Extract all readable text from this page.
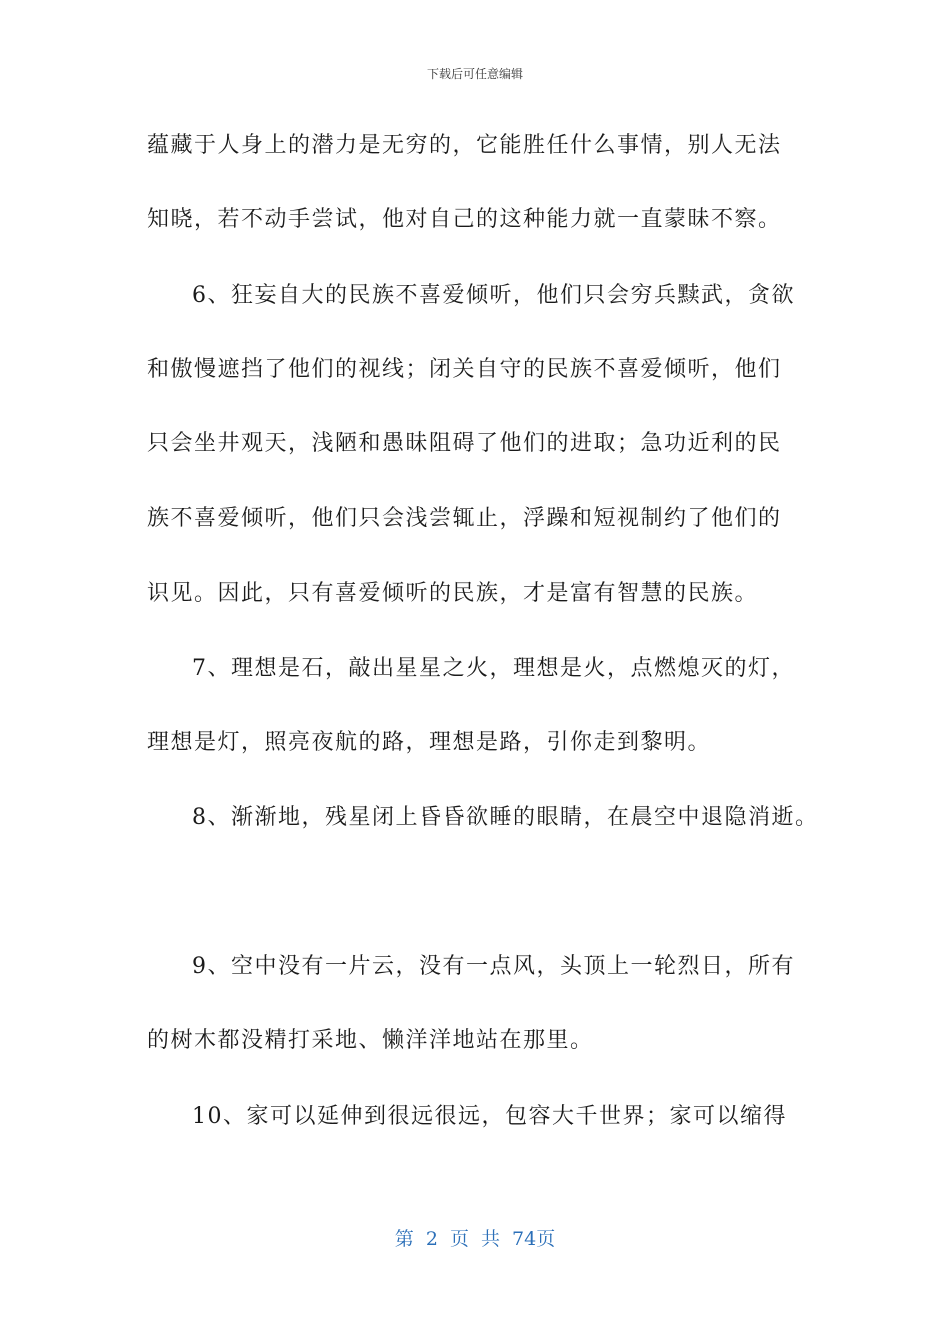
下载后可任意编辑
蕴藏于人身上的潜力是无穷的，它能胜任什么事情，别人无法
知晓，若不动手尝试，他对自己的这种能力就一直蒙昧不察。
6、狂妄自大的民族不喜爱倾听，他们只会穷兵黩武，贪欲
和傲慢遮挡了他们的视线；闭关自守的民族不喜爱倾听，他们
只会坐井观天，浅陋和愚昧阻碍了他们的进取；急功近利的民
族不喜爱倾听，他们只会浅尝辄止，浮躁和短视制约了他们的
识见。因此，只有喜爱倾听的民族，才是富有智慧的民族。
7、理想是石，敲出星星之火，理想是火，点燃熄灭的灯，
理想是灯，照亮夜航的路，理想是路，引你走到黎明。
8、渐渐地，残星闭上昏昏欲睡的眼睛，在晨空中退隐消逝。
9、空中没有一片云，没有一点风，头顶上一轮烈日，所有
的树木都没精打采地、懒洋洋地站在那里。
10、家可以延伸到很远很远，包容大千世界；家可以缩得
第 2 页 共 74页
